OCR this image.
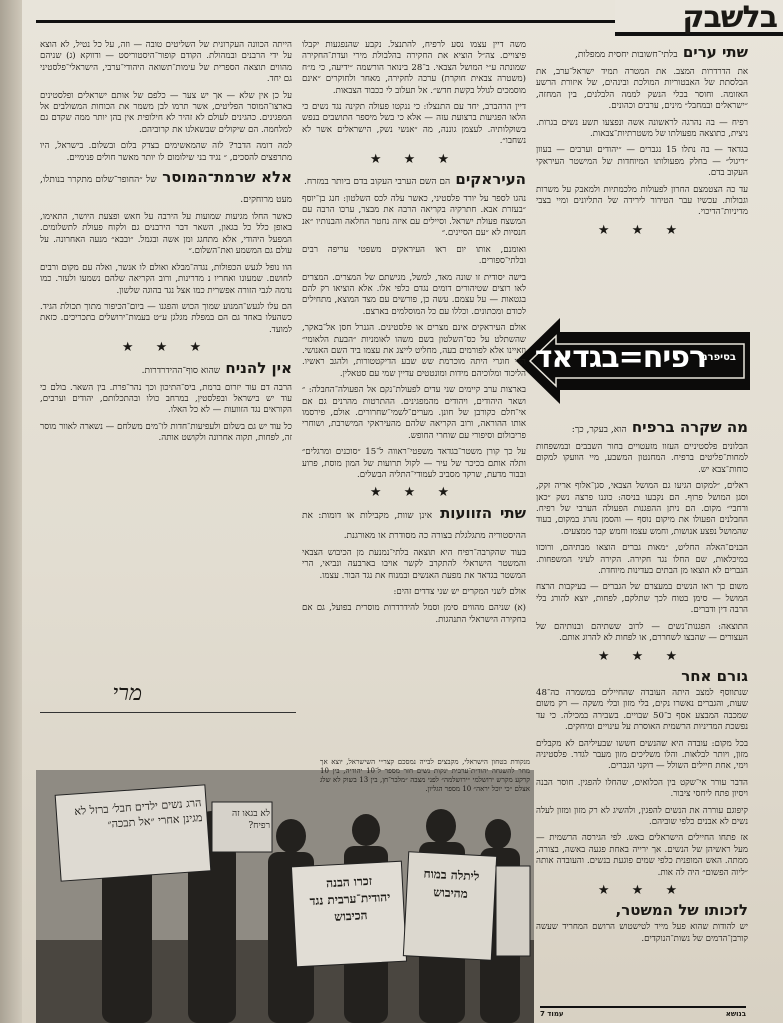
בלשבק
שתי ערים בלתי־חשובות יחסית ממפלות,

את הדרדרות המצב. את המטרה תמיד ישראל־ערב, את הבלסתת של האבטוריות המולכת ובינהים, של איזורת הרשע האזומה. וחוסר בכלי הנשק לממה הלבלנים, בין המחזה, ״ישראלים ובמחבל״ מינים, ערבים וכהונים.

רפיח — בה נהרגה לראשונה אשה ונפצעו תשע נשים בגרות. ניצית, כתוצאה מפעולתו של משטרתיות־צבאות.

בגדאד — בה נתלו 15 נגברים — ״יהודים וערבים — בעוון ״ריגול״ — בחלק מפעולותו המיוחדות של המישטר העיראקי העקוב בדם.

עד כה הצטמצם החרון לפעולות מלכמתיות ולמאבק על משרות וגבולות. עכשיו עבר הטירור לירידה של התליונים ומיי בצבי מדיניות־הדיכוי.

★ ★ ★
רפיח=בגדאד
בסיפרם
מה שקרה ברפיח הוא, בעקר, כך:

הבלונים פלסטיניים העזוו מזעטויים בחור השבבים ובמשפחות למחות־פליטים ברפיח. המחנטון המשבע, מיי הוועקו למקום כוחות־צבא יש.

ראלים, ״למקום הגיעו גם המושל הצבאי, סגן־אלוף אריה זקק, וסגן המושל פרוף. הם נקבעו בניסה: כוננו פרצה נשק ״כאן ורחבי״ מקום. הם ניתן ההפגנות הפעולה הערבי של רפיח. החבלנים הפעולו את מיקום נוסף — והסמן נהרג במקום, בעוד שהמושל נפצע אנושות, וחמש עצמו וחמש קבר ממצעים.

הבנים־האלה החליט, ״מאות גברים הוצאו מבתיהם, ורוכזו במיכלאות, שם החלו נגד חקירה. הקירה לעיני המשפחות. הגברים לא הוצאו מן הבתים בעדינות מיוחדת.

משום כך ראו הנשים במעצרם של הגברים — בעיקבות הרצח המושל — סימן בטוח לכך שתלקם, לפחות, יוצא להורג בלי הרבה דין ודברים.

התוצאה: הפגנות־נשים — לרוב ששתיהם ובנותיהם של העצורים — שהבצו לשחררם, או לפחות לא להרוג אותם.

★ ★ ★
גורם אחר

שנתווסף למצב היתה העובדה שהחיילים במשמרה כה־48 שעות, והגברים נאשרו נקים, בלי מזון ובלי משקה — רק משום שמכבה המבצע אסף כ־50 שבויים. בשבירה במכילה. כי עד נפשכת המדיניות הרשמית האוסרת על עינויים ומיחקים.

בכל מקום: עובדה היא שהנשים חששו שבעיליהם לא מקבלים מזון, ויותר לבלאות. והלו משליכים מזון מעבר לגדר. פלסטיניה וימי, אחת חיילים השולל — דוקני הגברים.

הדבר עורר אי־שקט בין הכלואים, שהחלו להפגין. חוסר הבנה ויסיון פתח ליחסי ציבור.

קיפוגם עוררה את הנשים להפגין, ולהשיג לא רק מזון ומזון לעלה נשים לא אבנים כלפי שוביהם.

אז פתחו החיילים הישראלים באש. לפי הגירסה הרשמית — מעל ראשיהן של הנשים. אך ירייה באחת פגעה באשה, בצורה, ממתה. האש המופנית כלפי שמים פוגעת בנשים. והעובדה אותה ״ליוה הפשום״ היה לה אות.

★ ★ ★
לזכותו של המשטר,

יש להודות שהוא פעל מייד לטישטוש הרושם המחריד שעשה קורבן־הדמים של נשות־הנוקדים.

משה דיין עצמו נסע לרפיח, להתנצל. נקבע שהנפגעות יקבלו פיצויים. צה״ל הוציא את החקירה בהלבולת מירי ועדת־החקירה שמונתה ע״י המושל הצבאי. ב־28 בינואר הורשמה ״ידיעה, כי מ״ח (משטרה צבאית חוקרת) ערכה לחקירה, מאחר ולחוקרים ״אינם מוסמכים לגולל בקשת חדש״. אל תעלוב לי ככבוד הצבאות.

דיין הרהברב, יחד עם התנצלו: כי ננקטו פעולה תקינה נגד נשים כי הלאו הפגיעות ברצועת עזה — אלא כי בשל מיספר התושבים בנפש בשוקלותיה. לעצמן גוננה, מה ״אנשי נשק, הישראלים אשר לא נשחבו״.

★ ★ ★
העיראקים הם השם הערבי העקוב בדם ביותר במזרח.

נהגו לספר על יורד פלסטיני, כאשר עלה לכס השלטון: חנג בן־יוסף ״בעזרת אבא. חתרקיה בקריאה הרבה את מבצר, ערכו הרבה עם המשצח פעולת ישראל. וסיילים עם איזה נחטר החלאה והבנותיו ״אנ חנסיות לא ״עם הסיינים.״

ואומנם, אותו יום ראו העיראקים משפטי עריפה רבים ובלתי־ספורים.

בישה יסודית זו שונה מאד, למשל, מגישתם של המצרים. המצרים לאו רוצים שטיהורים דומים נגדם כלפי אלו. אלא הוציאו רק להם בגטאות — על עצמם. עשה כן, פורשים עם מצד המוצא, מתחילים לכודם ומכתונים. וכללו עם כל המוסלמים בארצם.

אולם העיראקים אינם מצרים או פלסטינים. הגנרל חסן אל־באקר, שהשתלט על כס־השלטון בשם משהו לאומניות ״הבעת הלאומי״ וזאיינו אלא לפורמים בעה, מחליט לייצג את עצמו ביד השם האנושי. הדי חוגרי היתה מוכרמת שש שבע הדיקטטורות, ולהגב ראשיו. הליכוד ומלוכיהם מידות ומונטטים עדיין שמי עם סטאלין.

בארצות ערב קיימים שני עדים לפעולת־נקם אל הפעולה־החבלה: ״ ושאר היהודים, ויהודים מהמפגינים. ההתרטות מהרנים גם אם אי־חלם כקורבן של חונן. מערים־לשמי־שחרורים. אולם, פירסמו אותו ההוראה, ורוב הקריאה שלהם מהעיראקי המישרבת, ושוחרי פריבולום וסיפורי עם שוחרי החופש.

על כך קורן משטר־בגדאד משפטי־ראווה ל־15 ״סוכנים ומרגלים״ ותלה אותם בכיכר של עיר — לקול תרועות של המון מוסת, פרוע ובבור מדעת, שרקד מסביב לעמודי־התליה הבשלים.

★ ★ ★
שתי הזוועות אינן שוות, מקבילות או דומות: את ההיסטוריה מתגלגלת בצורה כה מסודרת או מאורגנת.

בעוד שהקרבה־רפיח היא תוצאה בלתי־נמנעת מן הכיבוש הצבאי והמשטר הישראלי להתקרב לקשר אויבו בארבעה ונביאי, הרי המשטר בגדאד את מפעת האנשים ובמנוח את נגד הבור. עצמו.

אולם לשני המקרים יש שני צדדים זהים:

(א) שניהם מהווים סימן וסמל להידרדרות מוסרית בפועל, גם אם בחקירה הישראלי התנהגות.

הייתה הכוונה העקרונית של השליטים טובה — וזה, על כל נטיל, לא הוצא על ידי הרבנים ובמהולת. הקודם קופור־היסטוריסט — ודווקא (ג) שניהם מהווים תוצאה הספרית של עימות־תשואה היהודי־ערבי, הישראלי־פלסטיני גם יחד.

על כן אין שלא — אך יש צער — כלפם של אותם ישראלים ופלסטינים בארצו־המוסר הפליטים, אשר תרמו לבן משמר את הכוחות המשולבים אל המפגינים. כהגינים לעולם לא זהיר לא חילופית אין בהן יותר ממה שקדם גם למלחמה. הם שיקולים שבשאלנו את קרוביהם.

למה דומה הדבר? לזה שהמאשימים בצדק בלום ובשלום. בישראל, היו מתרפצים להסכים, ״ נגיד בני שילומום לו יותר מאשר חולים פנימיים.

אלא שרמת־המוסר של ״החופר־שלום מתקרר בנותלו, מעט מרוחקים.

כאשר החלו מגיעות שמועות על הירבה על חאש ופצעת היושר, התאימו, באופן כלל כל בגאון, השאר דבר הירבנים גם ולקוח פעולת לתשלומים. המפעל היהודי, אלא מתחגג ומן אשה ובגמל. ״ובבא״ מנעה האחרונה. על עולם גם המשמע ואת־השלום.״

הוו נופל לגעש הכפולות, נגדה־מבלא ואולם לו אנשר, ואלה עם מקום ורבים לחושם. שמעונו ואחריו נ מדרינות, ורוב הקריאה שלהם נשמעו ולעזר. כמו נדמה לגבי הזורה אפשרית כמו אצל נגד בהוגה שלשון.

הם עלו לגעש־המנוע שמוך הכוש והפגנו — ביום־הכיפור מתוך תכולת הגיד. כשהעלו באחד גם הם במפלת מגלגן ע״ט בעמות־ירושלים בתכריכים. כזאת למועד.

★ ★ ★
אין להניח שהוא סוף־ההידרדרות.

הרבה דם עוד יזרום ברמת, ביס־התיכון וכך נהר־פרת. בין השאר. בולם כי עוד יש בישראל ובפלסטין, במרחב כולו ובהתכלותם, יהודים וערבים, הקוראים נגד הזוועות — לא כל האלו.

כל עוד יש גם בשלום ולעפיעות־חדות לו־מים משלחם — נשארה לאוור מוסר זה, לפחות, תקוה אחרונה ולקושט אותה.

מרי
הרג נשים ילדים חבל׳ ברזל לא מגינן אחרי ״אל תבכה״	לא בגאו זה רפיח?
זכרו הבנה יהודית־ערבית נגד הכיבוש
ליתלה במוח מהיבוש
מנקודת בטחון הישראלי, מקבצים לבייה נמסכם קצר״י השישראל, יוצא אך מחר להשגחה יהודית־ערבית ינקות נשים חזר מספר ל־10 יהודיה, בין 10 קרקע מקרש ירושלמי ״ירושלמה״ לפני מצבה ״מלבר־חן, בין 13 בשוק לא שלג אצלם ״כי יוכל יראה״ 10 מספר הגליון.
בנושא
עמוד 7
